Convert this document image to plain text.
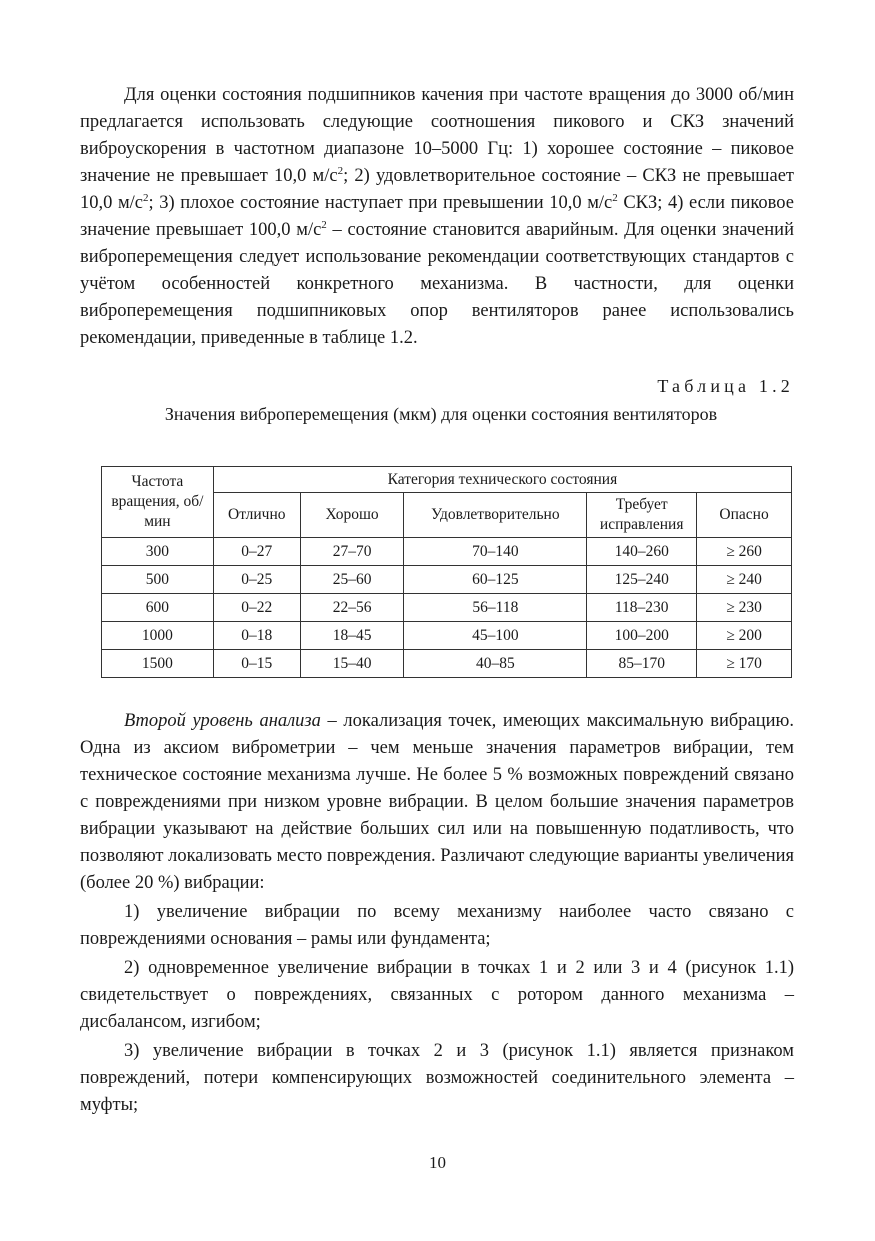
Для оценки состояния подшипников качения при частоте вращения до 3000 об/мин предлагается использовать следующие соотношения пикового и СКЗ значений виброускорения в частотном диапазоне 10–5000 Гц: 1) хорошее состояние – пиковое значение не превышает 10,0 $м/с^2$; 2) удовлетворительное состояние – СКЗ не превышает 10,0 $м/с^2$; 3) плохое состояние наступает при превышении 10,0 $м/с^2$ СКЗ; 4) если пиковое значение превышает 100,0 $м/с^2$ – состояние становится аварийным. Для оценки значений виброперемещения следует использование рекомендации соответствующих стандартов с учётом особенностей конкретного механизма. В частности, для оценки виброперемещения подшипниковых опор вентиляторов ранее использовались рекомендации, приведенные в таблице 1.2.

Таблица 1.2
Значения виброперемещения (мкм) для оценки состояния вентиляторов
Частота вращения, об/мин	Категория технического состояния				
	Отлично	Хорошо	Удовлетворительно	Требует исправления	Опасно
300	0–27	27–70	70–140	140–260	≥ 260
500	0–25	25–60	60–125	125–240	≥ 240
600	0–22	22–56	56–118	118–230	≥ 230
1000	0–18	18–45	45–100	100–200	≥ 200
1500	0–15	15–40	40–85	85–170	≥ 170

Второй уровень анализа – локализация точек, имеющих максимальную вибрацию. Одна из аксиом виброметрии – чем меньше значения параметров вибрации, тем техническое состояние механизма лучше. Не более 5 % возможных повреждений связано с повреждениями при низком уровне вибрации. В целом большие значения параметров вибрации указывают на действие больших сил или на повышенную податливость, что позволяют локализовать место повреждения. Различают следующие варианты увеличения (более 20 %) вибрации:

1) увеличение вибрации по всему механизму наиболее часто связано с повреждениями основания – рамы или фундамента;

2) одновременное увеличение вибрации в точках 1 и 2 или 3 и 4 (рисунок 1.1) свидетельствует о повреждениях, связанных с ротором данного механизма – дисбалансом, изгибом;

3) увеличение вибрации в точках 2 и 3 (рисунок 1.1) является признаком повреждений, потери компенсирующих возможностей соединительного элемента – муфты;

10
